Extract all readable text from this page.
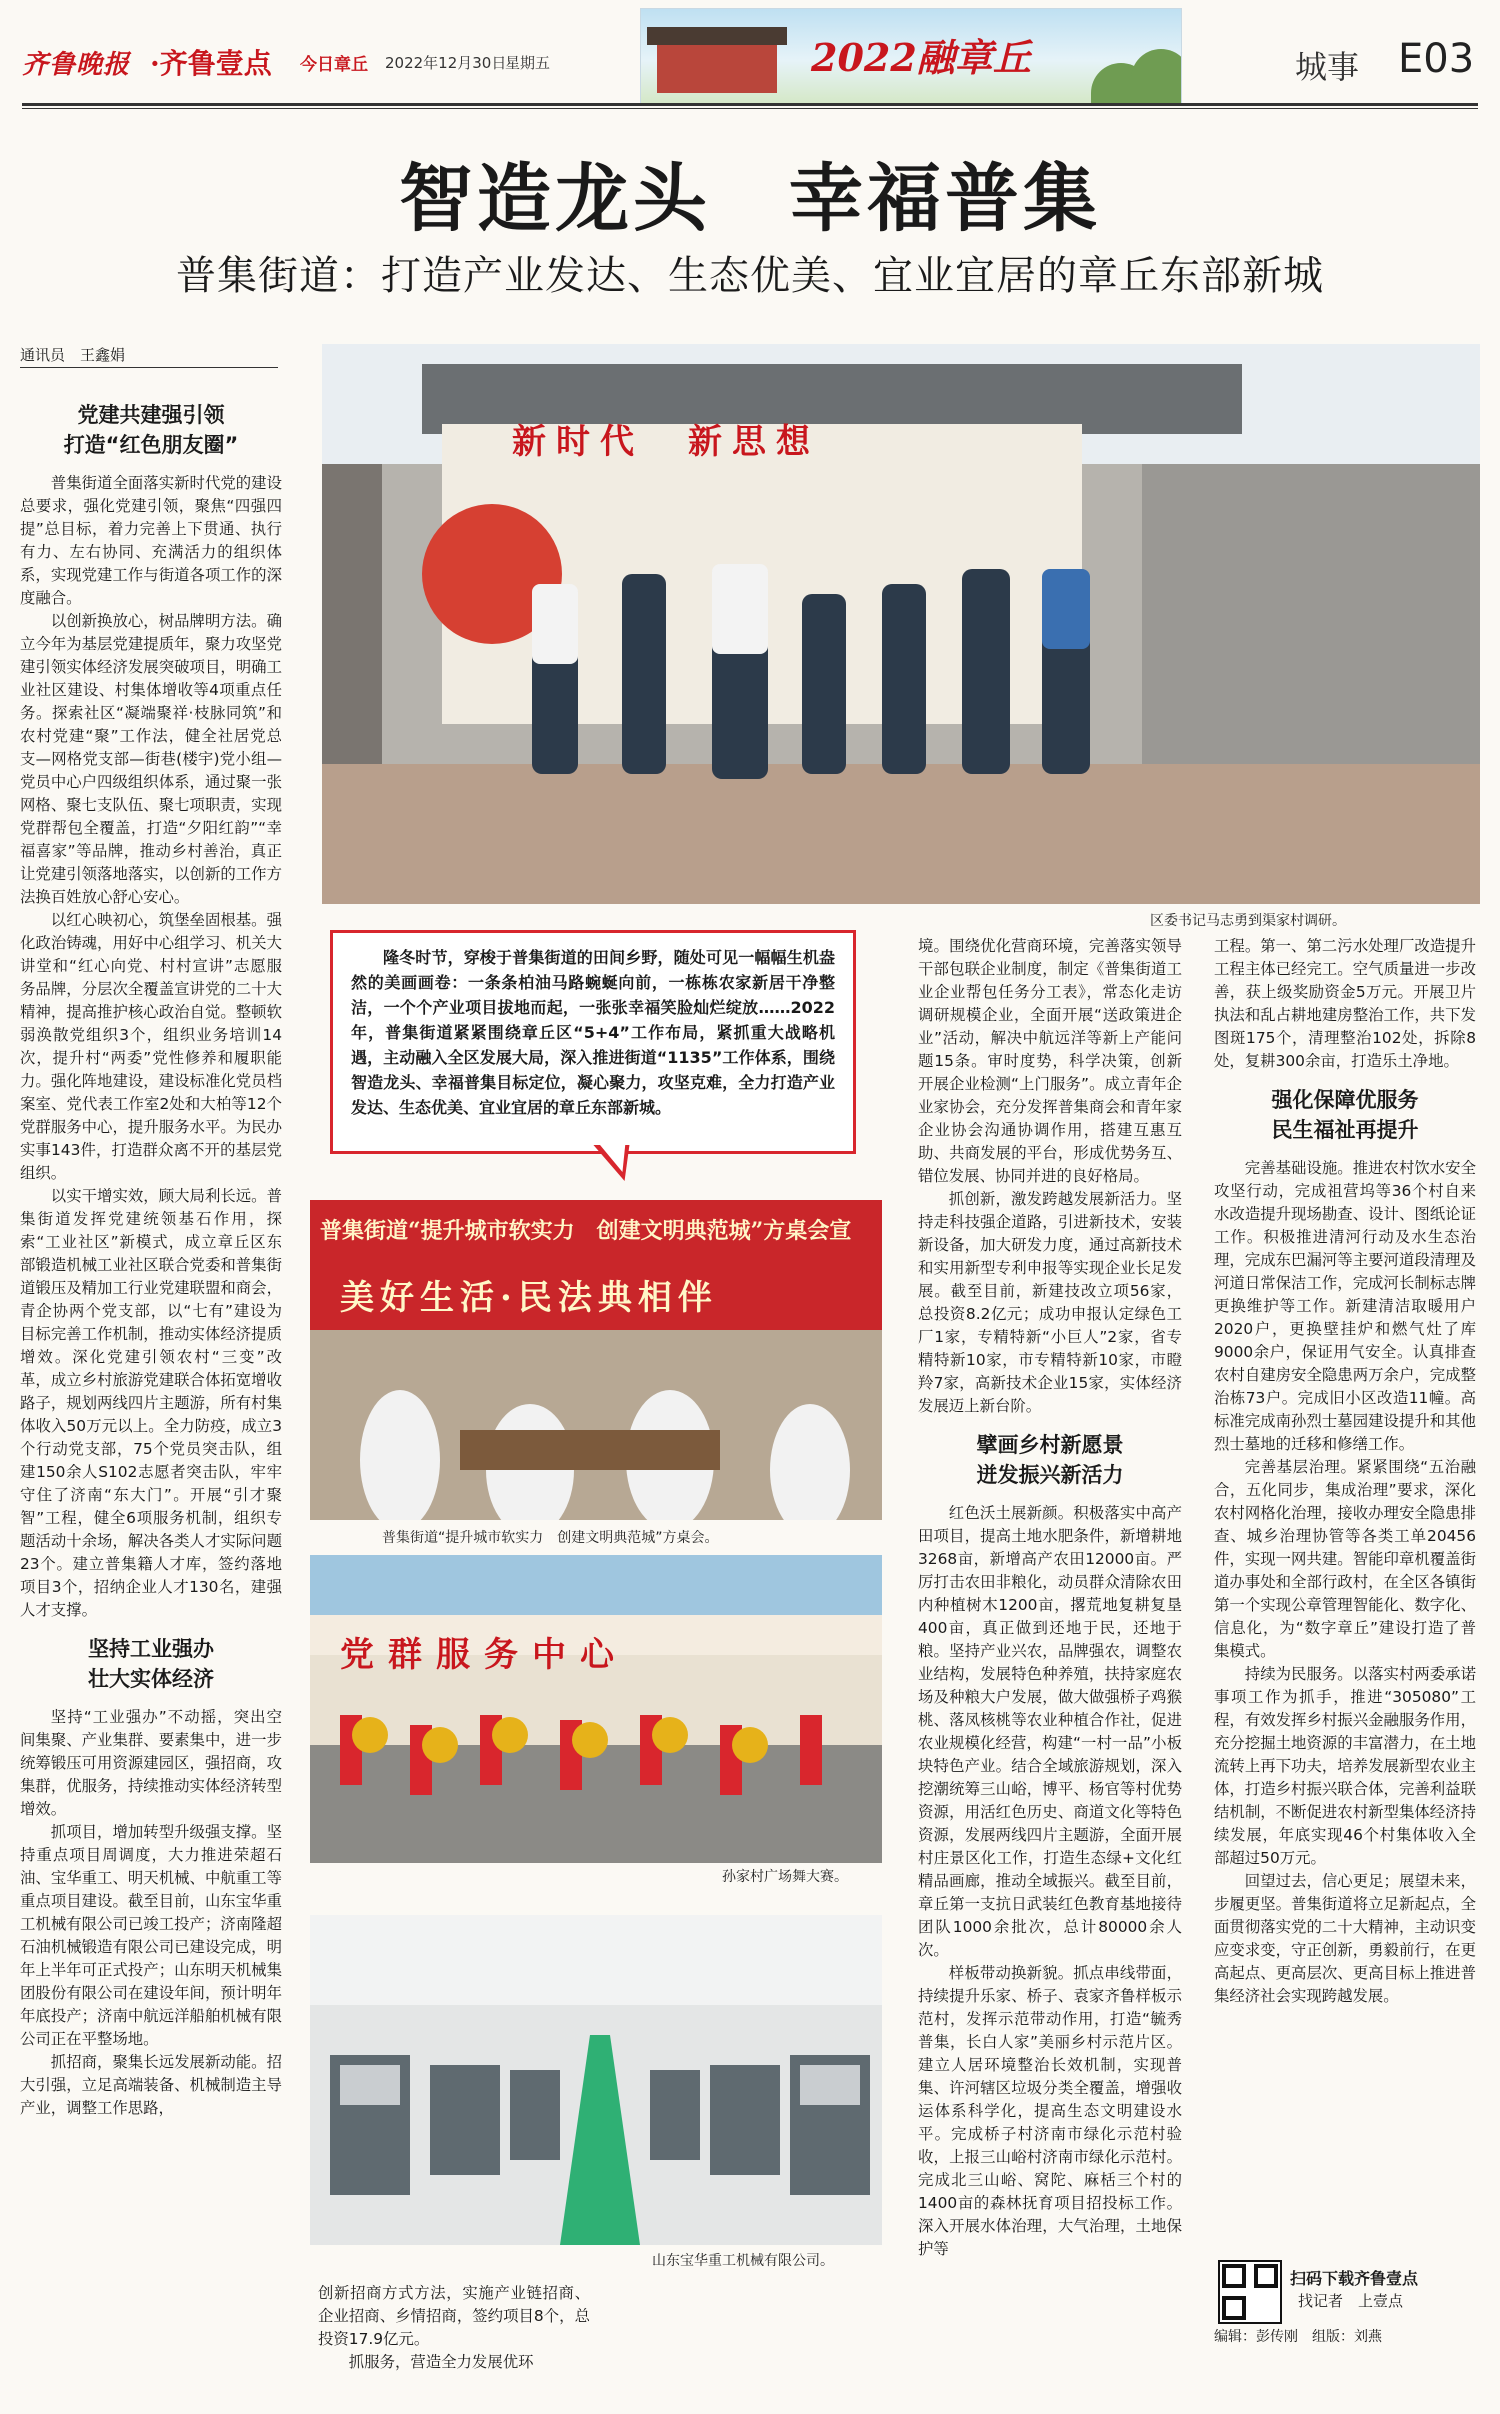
齐鲁晚报 ·齐鲁壹点 今日章丘 2022年12月30日
星期五	2022融章丘	城事 E03
智造龙头　幸福普集
普集街道：打造产业发达、生态优美、宜业宜居的章丘东部新城
通讯员　王鑫娟
党建共建强引领
打造“红色朋友圈”

普集街道全面落实新时代党的建设总要求，强化党建引领，聚焦“四强四提”总目标，着力完善上下贯通、执行有力、左右协同、充满活力的组织体系，实现党建工作与街道各项工作的深度融合。

以创新换放心，树品牌明方法。确立今年为基层党建提质年，聚力攻坚党建引领实体经济发展突破项目，明确工业社区建设、村集体增收等4项重点任务。探索社区“凝端聚祥·枝脉同筑”和农村党建“聚”工作法，健全社居党总支—网格党支部—街巷(楼宇)党小组—党员中心户四级组织体系，通过聚一张网格、聚七支队伍、聚七项职责，实现党群帮包全覆盖，打造“夕阳红韵”“幸福喜家”等品牌，推动乡村善治，真正让党建引领落地落实，以创新的工作方法换百姓放心舒心安心。

以红心映初心，筑堡垒固根基。强化政治铸魂，用好中心组学习、机关大讲堂和“红心向党、村村宣讲”志愿服务品牌，分层次全覆盖宣讲党的二十大精神，提高推护核心政治自觉。整顿软弱涣散党组织3个，组织业务培训14次，提升村“两委”党性修养和履职能力。强化阵地建设，建设标准化党员档案室、党代表工作室2处和大柏等12个党群服务中心，提升服务水平。为民办实事143件，打造群众离不开的基层党组织。

以实干增实效，顾大局利长远。普集街道发挥党建统领基石作用，探索“工业社区”新模式，成立章丘区东部锻造机械工业社区联合党委和普集街道锻压及精加工行业党建联盟和商会，青企协两个党支部，以“七有”建设为目标完善工作机制，推动实体经济提质增效。深化党建引领农村“三变”改革，成立乡村旅游党建联合体拓宽增收路子，规划两线四片主题游，所有村集体收入50万元以上。全力防疫，成立3个行动党支部，75个党员突击队，组建150余人S102志愿者突击队，牢牢守住了济南“东大门”。开展“引才聚智”工程，健全6项服务机制，组织专题活动十余场，解决各类人才实际问题23个。建立普集籍人才库，签约落地项目3个，招纳企业人才130名，建强人才支撑。

坚持工业强办
壮大实体经济

坚持“工业强办”不动摇，突出空间集聚、产业集群、要素集中，进一步统筹锻压可用资源建园区，强招商，攻集群，优服务，持续推动实体经济转型增效。

抓项目，增加转型升级强支撑。坚持重点项目周调度，大力推进荣超石油、宝华重工、明天机械、中航重工等重点项目建设。截至目前，山东宝华重工机械有限公司已竣工投产；济南隆超石油机械锻造有限公司已建设完成，明年上半年可正式投产；山东明天机械集团股份有限公司在建设年间，预计明年年底投产；济南中航远洋船舶机械有限公司正在平整场地。

抓招商，聚集长远发展新动能。招大引强，立足高端装备、机械制造主导产业，调整工作思路，

新时代　新思想
区委书记马志勇到渠家村调研。
隆冬时节，穿梭于普集街道的田间乡野，随处可见一幅幅生机盎然的美画画卷：一条条柏油马路蜿蜒向前，一栋栋农家新居干净整洁，一个个产业项目拔地而起，一张张幸福笑脸灿烂绽放……2022年，普集街道紧紧围绕章丘区“5+4”工作布局，紧抓重大战略机遇，主动融入全区发展大局，深入推进街道“1135”工作体系，围绕智造龙头、幸福普集目标定位，凝心聚力，攻坚克难，全力打造产业发达、生态优美、宜业宜居的章丘东部新城。
普集街道“提升城市软实力　创建文明典范城”方桌会宣
美好生活·民法典相伴
普集街道“提升城市软实力　创建文明典范城”方桌会。
党群服务中心
孙家村广场舞大赛。
山东宝华重工机械有限公司。

创新招商方式方法，实施产业链招商、企业招商、乡情招商，签约项目8个，总投资17.9亿元。

抓服务，营造全力发展优环

境。围绕优化营商环境，完善落实领导干部包联企业制度，制定《普集街道工业企业帮包任务分工表》，常态化走访调研规模企业，全面开展“送政策进企业”活动，解决中航远洋等新上产能问题15条。审时度势，科学决策，创新开展企业检测“上门服务”。成立青年企业家协会，充分发挥普集商会和青年家企业协会沟通协调作用，搭建互惠互助、共商发展的平台，形成优势务互、错位发展、协同并进的良好格局。

抓创新，激发跨越发展新活力。坚持走科技强企道路，引进新技术，安装新设备，加大研发力度，通过高新技术和实用新型专利申报等实现企业长足发展。截至目前，新建技改立项56家，总投资8.2亿元；成功申报认定绿色工厂1家，专精特新“小巨人”2家，省专精特新10家，市专精特新10家，市瞪羚7家，高新技术企业15家，实体经济发展迈上新台阶。

擘画乡村新愿景
迸发振兴新活力

红色沃土展新颜。积极落实中高产田项目，提高土地水肥条件，新增耕地3268亩，新增高产农田12000亩。严厉打击农田非粮化，动员群众清除农田内种植树木1200亩，撂荒地复耕复垦400亩，真正做到还地于民，还地于粮。坚持产业兴农，品牌强农，调整农业结构，发展特色种养殖，扶持家庭农场及种粮大户发展，做大做强桥子鸡猴桃、落凤核桃等农业种植合作社，促进农业规模化经营，构建“一村一品”小板块特色产业。结合全域旅游规划，深入挖潮统筹三山峪，博平、杨官等村优势资源，用活红色历史、商道文化等特色资源，发展两线四片主题游，全面开展村庄景区化工作，打造生态绿+文化红精品画廊，推动全域振兴。截至目前，章丘第一支抗日武装红色教育基地接待团队1000余批次，总计80000余人次。

样板带动换新貌。抓点串线带面，持续提升乐家、桥子、袁家齐鲁样板示范村，发挥示范带动作用，打造“毓秀普集，长白人家”美丽乡村示范片区。建立人居环境整治长效机制，实现普集、许河辖区垃圾分类全覆盖，增强收运体系科学化，提高生态文明建设水平。完成桥子村济南市绿化示范村验收，上报三山峪村济南市绿化示范村。完成北三山峪、窝陀、麻栝三个村的1400亩的森林抚育项目招投标工作。深入开展水体治理，大气治理，土地保护等

工程。第一、第二污水处理厂改造提升工程主体已经完工。空气质量进一步改善，获上级奖励资金5万元。开展卫片执法和乱占耕地建房整治工作，共下发图斑175个，清理整治102处，拆除8处，复耕300余亩，打造乐土净地。

强化保障优服务
民生福祉再提升

完善基础设施。推进农村饮水安全攻坚行动，完成祖营坞等36个村自来水改造提升现场勘查、设计、图纸论证工作。积极推进清河行动及水生态治理，完成东巴漏河等主要河道段清理及河道日常保洁工作，完成河长制标志牌更换维护等工作。新建清洁取暖用户2020户，更换壁挂炉和燃气灶了库9000余户，保证用气安全。认真排查农村自建房安全隐患两万余户，完成整治栋73户。完成旧小区改造11幢。高标准完成南孙烈士墓园建设提升和其他烈士墓地的迁移和修缮工作。

完善基层治理。紧紧围绕“五治融合，五化同步，集成治理”要求，深化农村网格化治理，接收办理安全隐患排查、城乡治理协管等各类工单20456件，实现一网共建。智能印章机覆盖街道办事处和全部行政村，在全区各镇街第一个实现公章管理智能化、数字化、信息化，为“数字章丘”建设打造了普集模式。

持续为民服务。以落实村两委承诺事项工作为抓手，推进“305080”工程，有效发挥乡村振兴金融服务作用，充分挖掘土地资源的丰富潜力，在土地流转上再下功夫，培养发展新型农业主体，打造乡村振兴联合体，完善利益联结机制，不断促进农村新型集体经济持续发展，年底实现46个村集体收入全部超过50万元。

回望过去，信心更足；展望未来，步履更坚。普集街道将立足新起点，全面贯彻落实党的二十大精神，主动识变应变求变，守正创新，勇毅前行，在更高起点、更高层次、更高目标上推进普集经济社会实现跨越发展。

扫码下载齐鲁壹点
找记者　上壹点
编辑：彭传刚　组版：刘燕
